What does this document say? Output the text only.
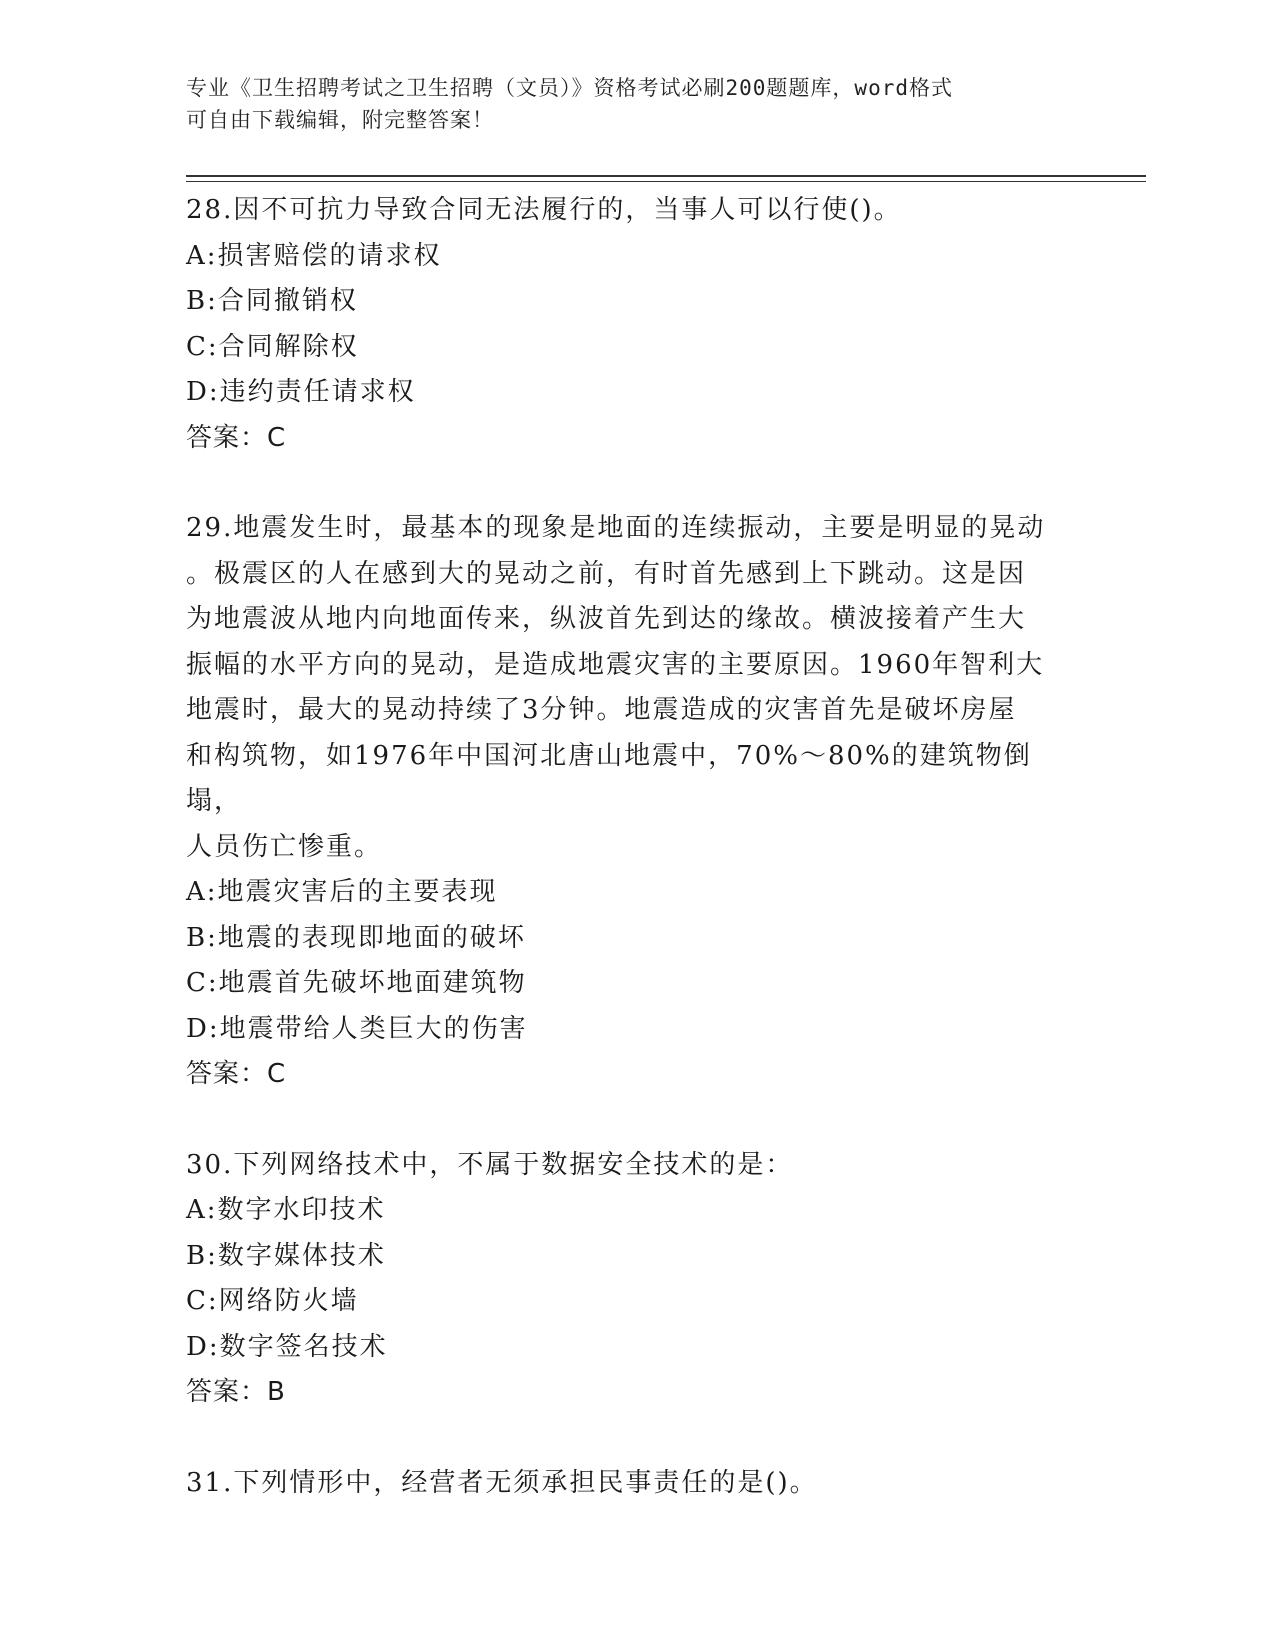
专业《卫生招聘考试之卫生招聘（文员）》资格考试必刷200题题库，word格式
可自由下载编辑，附完整答案！
28.因不可抗力导致合同无法履行的，当事人可以行使()。
A:损害赔偿的请求权
B:合同撤销权
C:合同解除权
D:违约责任请求权
答案：C
29.地震发生时，最基本的现象是地面的连续振动，主要是明显的晃动
。极震区的人在感到大的晃动之前，有时首先感到上下跳动。这是因
为地震波从地内向地面传来，纵波首先到达的缘故。横波接着产生大
振幅的水平方向的晃动，是造成地震灾害的主要原因。1960年智利大
地震时，最大的晃动持续了3分钟。地震造成的灾害首先是破坏房屋
和构筑物，如1976年中国河北唐山地震中，70%～80%的建筑物倒塌，
人员伤亡惨重。
A:地震灾害后的主要表现
B:地震的表现即地面的破坏
C:地震首先破坏地面建筑物
D:地震带给人类巨大的伤害
答案：C
30.下列网络技术中，不属于数据安全技术的是：
A:数字水印技术
B:数字媒体技术
C:网络防火墙
D:数字签名技术
答案：B
31.下列情形中，经营者无须承担民事责任的是()。
